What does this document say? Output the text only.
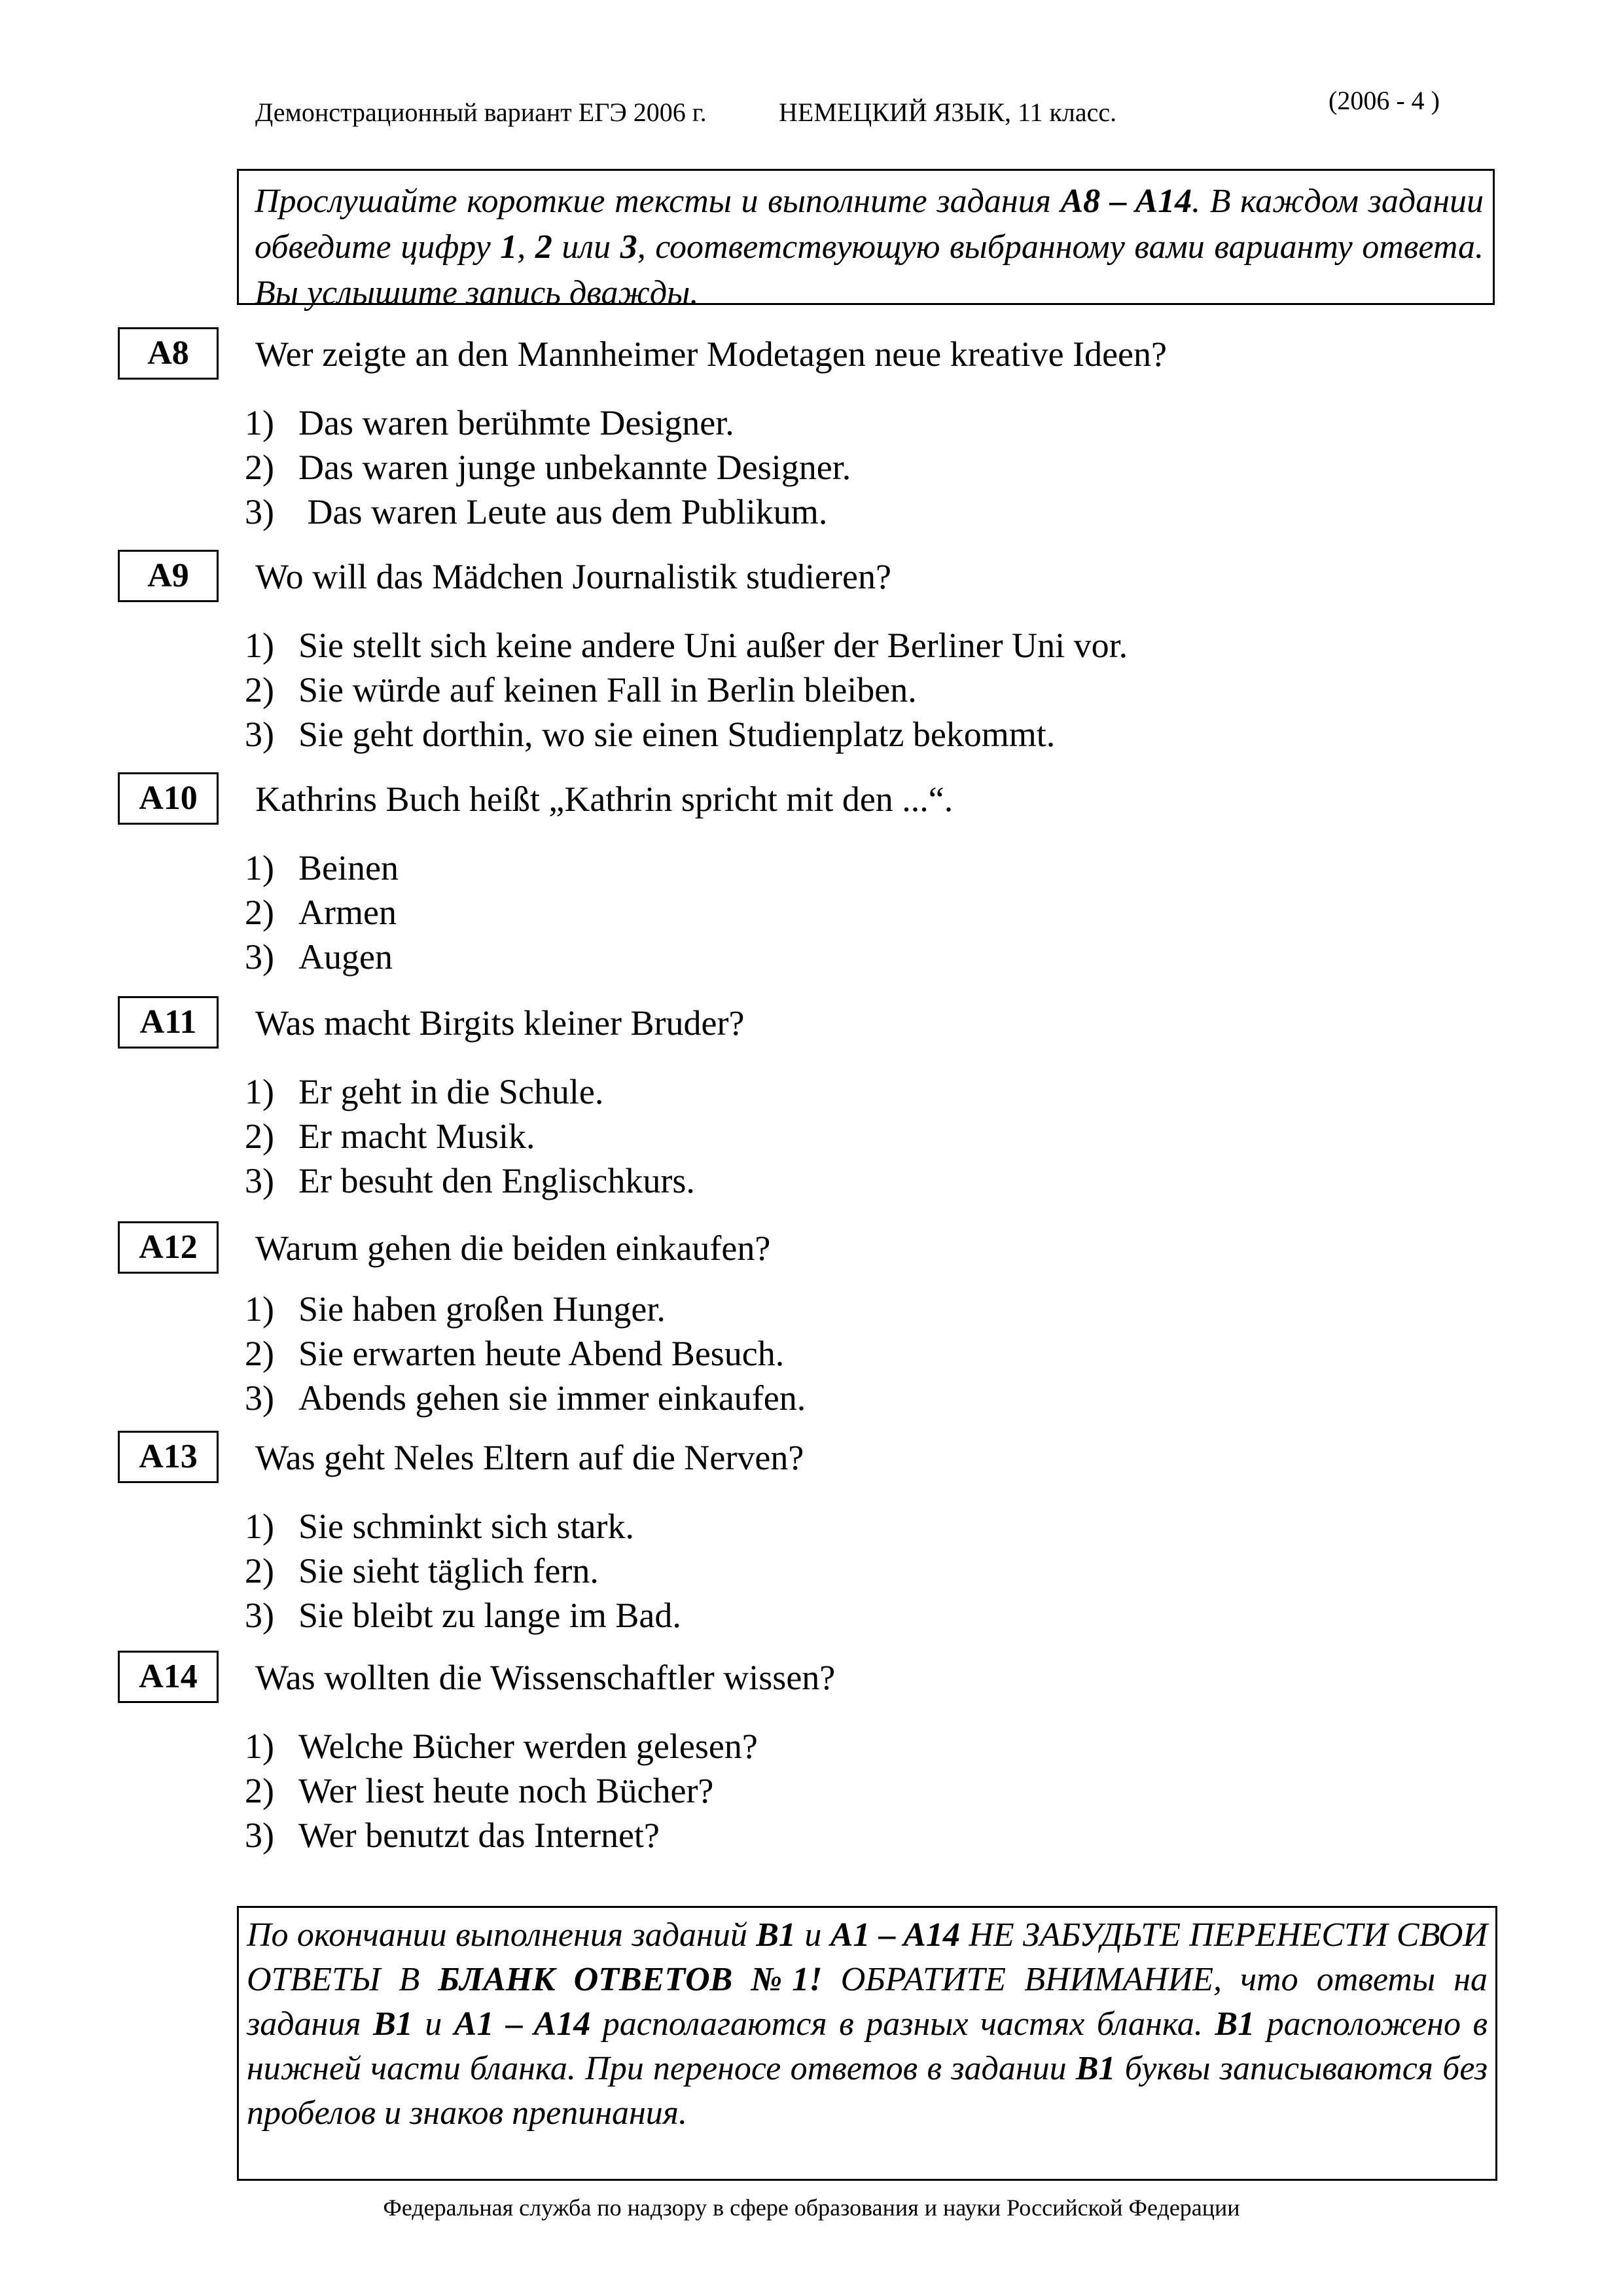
Демонстрационный вариант ЕГЭ 2006 г.	НЕМЕЦКИЙ ЯЗЫК, 11 класс.	(2006 - 4 )
Прослушайте короткие тексты и выполните задания A8 – A14. В каждом задании обведите цифру 1, 2 или 3, соответствующую выбранному вами варианту ответа. Вы услышите запись дважды.
A8	Wer zeigte an den Mannheimer Modetagen neue kreative Ideen?
1) Das waren berühmte Designer.
2) Das waren junge unbekannte Designer.
3) Das waren Leute aus dem Publikum.
A9	Wo will das Mädchen Journalistik studieren?
1) Sie stellt sich keine andere Uni außer der Berliner Uni vor.
2) Sie würde auf keinen Fall in Berlin bleiben.
3) Sie geht dorthin, wo sie einen Studienplatz bekommt.
A10	Kathrins Buch heißt „Kathrin spricht mit den ...“.
1) Beinen
2) Armen
3) Augen
A11	Was macht Birgits kleiner Bruder?
1) Er geht in die Schule.
2) Er macht Musik.
3) Er besuht den Englischkurs.
A12	Warum gehen die beiden einkaufen?
1) Sie haben großen Hunger.
2) Sie erwarten heute Abend Besuch.
3) Abends gehen sie immer einkaufen.
A13	Was geht Neles Eltern auf die Nerven?
1) Sie schminkt sich stark.
2) Sie sieht täglich fern.
3) Sie bleibt zu lange im Bad.
A14	Was wollten die Wissenschaftler wissen?
1) Welche Bücher werden gelesen?
2) Wer liest heute noch Bücher?
3) Wer benutzt das Internet?
По окончании выполнения заданий B1 и A1 – A14 НЕ ЗАБУДЬТЕ ПЕРЕНЕСТИ СВОИ ОТВЕТЫ В БЛАНК ОТВЕТОВ №1! ОБРАТИТЕ ВНИМАНИЕ, что ответы на задания B1 и A1 – A14 располагаются в разных частях бланка. B1 расположено в нижней части бланка. При переносе ответов в задании B1 буквы записываются без пробелов и знаков препинания.
Федеральная служба по надзору в сфере образования и науки Российской Федерации
